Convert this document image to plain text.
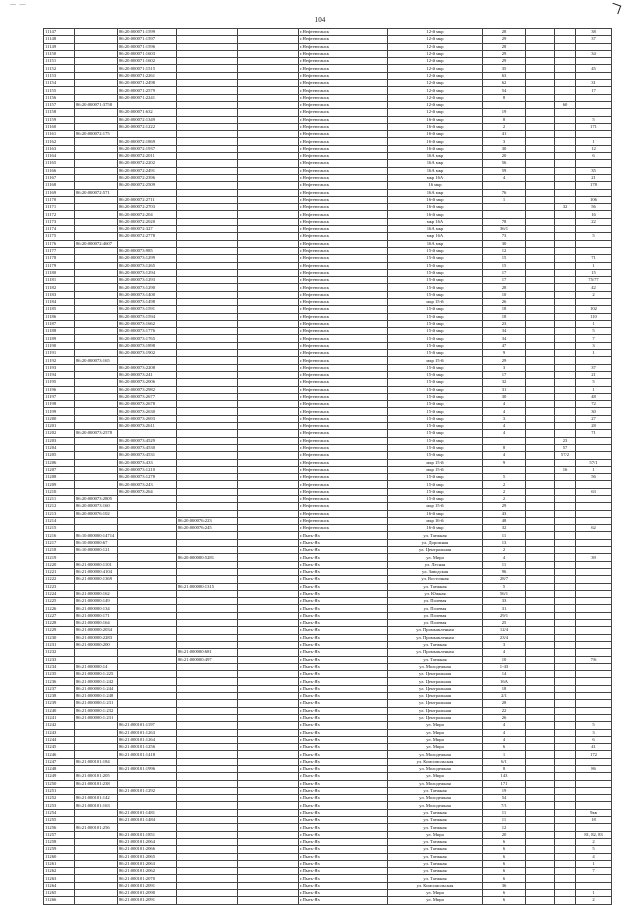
— —
104
11147		86:20:000071:1599			г.Нефтеюганск	12-й мкр	28			38
11148		86:20:000071:1597			г.Нефтеюганск	12-й мкр	29			37
11149		86:20:000071:1596			г.Нефтеюганск	12-й мкр	28			
11150		86:20:000071:1603			г.Нефтеюганск	12-й мкр	29			34
11151		86:20:000071:1602			г.Нефтеюганск	12-й мкр	29			
11152		86:20:000071:1515			г.Нефтеюганск	12-й мкр	35			45
11153		86:20:000071:2261			г.Нефтеюганск	12-й мкр	63			
11154		86:20:000071:2498			г.Нефтеюганск	12-й мкр	62			31
11155		86:20:000071:2579			г.Нефтеюганск	12-й мкр	54			17
11156		86:20:000071:2241			г.Нефтеюганск	12-й мкр	8			
11157	86:20:000071:3758				г.Нефтеюганск	12-й мкр			60	
11158		86:20:000071:632			г.Нефтеюганск	12-й мкр	19			
11159		86:20:000072:1349			г.Нефтеюганск	16-й мкр	8			5
11160		86:20:000072:1222			г.Нефтеюганск	16-й мкр	2			171
11161	86:20:000072:175				г.Нефтеюганск	16-й мкр	41			
11162		86:20:000072:1869			г.Нефтеюганск	16-й мкр	3			1
11163		86:20:000072:1937			г.Нефтеюганск	16-й мкр	30			12
11164		86:20:000072:2011			г.Нефтеюганск	16А мкр	20			6
11165		86:20:000072:2202			г.Нефтеюганск	16А мкр	56			
11166		86:20:000072:2491			г.Нефтеюганск	16А мкр	59			35
11167		86:20:000072:2396			г.Нефтеюганск	мкр 16А	4			21
11168		86:20:000072:2509			г.Нефтеюганск	16 мкр				178
11169	86:20:000072:571				г.Нефтеюганск	16А мкр	76			
11170		86:20:000072:2711			г.Нефтеюганск	16-й мкр	1			106
11171		86:20:000072:2703			г.Нефтеюганск	16-й мкр			32	56
11172		86:20:000072:204			г.Нефтеюганск	16-й мкр				16
11173		86:20:000072:2020			г.Нефтеюганск	мкр 16А	78			22
11174		86:20:000072:327			г.Нефтеюганск	16А мкр	36/1			
11175		86:20:000072:2778			г.Нефтеюганск	мкр 16А	73			5
11176	86:20:000072:4607				г.Нефтеюганск	16А мкр	30			
11177		86:20:000073:985			г.Нефтеюганск	15-й мкр	12			
11178		86:20:000073:1299			г.Нефтеюганск	15-й мкр	15			71
11179		86:20:000073:1265			г.Нефтеюганск	15-й мкр	15			1
11180		86:20:000073:1294			г.Нефтеюганск	15-й мкр	17			15
11181		86:20:000073:1293			г.Нефтеюганск	15-й мкр	17			75/77
11182		86:20:000073:1290			г.Нефтеюганск	15-й мкр	28			42
11183		86:20:000073:1400			г.Нефтеюганск	15-й мкр	10			2
11184		86:20:000073:1498			г.Нефтеюганск	мкр 15-й	26			
11185		86:20:000073:1591			г.Нефтеюганск	15-й мкр	18			102
11186		86:20:000073:1594			г.Нефтеюганск	15-й мкр	18			110
11187		86:20:000073:1662			г.Нефтеюганск	15-й мкр	23			1
11188		86:20:000073:1776			г.Нефтеюганск	15-й мкр	34			5
11189		86:20:000073:1765			г.Нефтеюганск	15-й мкр	34			7
11190		86:20:000073:1898			г.Нефтеюганск	15-й мкр	47			3
11191		86:20:000073:1902			г.Нефтеюганск	15-й мкр	9			1
11192	86:20:000073:165				г.Нефтеюганск	мкр 15-й	29			
11193		86:20:000073:2208			г.Нефтеюганск	15-й мкр	3			37
11194		86:20:000073:241			г.Нефтеюганск	15-й мкр	17			21
11195		86:20:000073:2006			г.Нефтеюганск	15-й мкр	32			5
11196		86:20:000073:2982			г.Нефтеюганск	15-й мкр	31			1
11197		86:20:000073:2677			г.Нефтеюганск	15-й мкр	30			48
11198		86:20:000073:2678			г.Нефтеюганск	15-й мкр	4			72
11199		86:20:000073:2630			г.Нефтеюганск	15-й мкр	4			30
11200		86:20:000073:2693			г.Нефтеюганск	15-й мкр	3			27
11201		86:20:000073:2611			г.Нефтеюганск	15-й мкр	4			28
11202	86:20:000073:2578				г.Нефтеюганск	15-й мкр	4			71
11203		86:20:000073:4529			г.Нефтеюганск	15-й мкр			23	
11204		86:20:000073:4530			г.Нефтеюганск	15-й мкр	8		57	
11205		86:20:000073:4531			г.Нефтеюганск	15-й мкр	4		57/2	
11206		86:20:000073:433			г.Нефтеюганск	мкр 15-й	9			57/1
11207		86:20:000073:1210			г.Нефтеюганск	мкр 15-й			16	1
11208		86:20:000073:1278			г.Нефтеюганск	15-й мкр	5			56
11209		86:20:000073:243			г.Нефтеюганск	15-й мкр	2			
11210		86:20:000073:264			г.Нефтеюганск	15-й мкр	2			63
11211	86:20:000073:2805				г.Нефтеюганск	15-й мкр	2			
11212	86:20:000073:160				г.Нефтеюганск	мкр 15-й	29			
11213	86:20:000076:102				г.Нефтеюганск	16-й мкр	43			
11214			86:20:000076:223		г.Нефтеюганск	мкр 16-й	48			
11215			86:20:000076:245		г.Нефтеюганск	16-й мкр	32			62
11216	86:10:000000:14714				г.Пыть-Ях	ул. Таежная	11			
11217	86:10:000000:67				г.Пыть-Ях	ул. Дорожная	13			
11218	86:10:000000:121				г.Пыть-Ях	ул. Центральная	2			
11219			86:20:000000:5281		г.Пыть-Ях	ул. Мира	4			39
11220	86:21:000000:1101				г.Пыть-Ях	ул. Лесная	11			
11221	86:21:000000:4104				г.Пыть-Ях	ул. Заводская	96			
11222	86:21:000000:1369				г.Пыть-Ях	ул. Восточная	28/7			
11223			86:21:000000:1315		г.Пыть-Ях	ул. Таежная	5			
11224	86:21:000000:162				г.Пыть-Ях	ул. Южная	56/1			
11225	86:21:000000:149				г.Пыть-Ях	ул. Полевая	33			
11226	86:21:000000:134				г.Пыть-Ях	ул. Полевая	31			
11227	86:21:000000:171				г.Пыть-Ях	ул. Полевая	29/1			
11228	86:21:000000:164				г.Пыть-Ях	ул. Полевая	25			
11229	86:21:000000:2034				г.Пыть-Ях	ул. Промышленная	12/4			
11230	86:21:000000:2283				г.Пыть-Ях	ул. Промышленная	23/4			
11231	86:21:000000:200				г.Пыть-Ях	ул. Таежная	3			
11232			86:21:000000:681		г.Пыть-Ях	ул. Промышленная	4			
11233			86:21:000000:497		г.Пыть-Ях	ул. Таежная	10			7/6
11234	86:21:000000:14				г.Пыть-Ях	ул. Молодежная	1-43			
11235	86:21:000000:1:225				г.Пыть-Ях	ул. Центральная	14			
11236	86:21:000000:1:242				г.Пыть-Ях	ул. Центральная	16А			
11237	86:21:000000:1:244				г.Пыть-Ях	ул. Центральная	18			
11238	86:21:000000:1:248				г.Пыть-Ях	ул. Центральная	2/1			
11239	86:21:000000:1:231				г.Пыть-Ях	ул. Центральная	28			
11240	86:21:000000:1:232				г.Пыть-Ях	ул. Центральная	22			
11241	86:21:000000:1:231				г.Пыть-Ях	ул. Центральная	26			
11242		86:21:000101:1197			г.Пыть-Ях	ул. Мира	4			5
11243		86:21:000101:1263			г.Пыть-Ях	ул. Мира	4			3
11244		86:21:000101:1264			г.Пыть-Ях	ул. Мира	4			6
11245		86:21:000101:1256			г.Пыть-Ях	ул. Мира	6			41
11246		86:21:000101:1418			г.Пыть-Ях	ул. Молодежная	1			172
11247	86:21:000101:184				г.Пыть-Ях	ул. Комсомольская	6/1			
11248		86:21:000101:1996			г.Пыть-Ях	ул. Молодежная	8			86
11249	86:21:000101:205				г.Пыть-Ях	ул. Мира	143			
11250	86:21:000101:238				г.Пыть-Ях	ул. Молодежная	171			
11251		86:21:000101:1292			г.Пыть-Ях	ул. Таежная	19			
11252	86:21:000101:142				г.Пыть-Ях	ул. Молодежная	54			
11253	86:21:000101:163				г.Пыть-Ях	ул. Молодежная	7/1			
11254		86:21:000101:1481			г.Пыть-Ях	ул. Таежная	11			9кв
11255		86:21:000101:1484			г.Пыть-Ях	ул. Таежная	11			18
11256	86:21:000101:256				г.Пыть-Ях	ул. Таежная	12			
11257		86:21:000101:1851			г.Пыть-Ях	ул. Мира	20			81, 82, 83
11258		86:21:000101:2064			г.Пыть-Ях	ул. Таежная	6			2
11259		86:21:000101:2066			г.Пыть-Ях	ул. Таежная	6			5
11260		86:21:000101:2065			г.Пыть-Ях	ул. Таежная	6			4
11261		86:21:000101:2063			г.Пыть-Ях	ул. Таежная	6			1
11262		86:21:000101:2062			г.Пыть-Ях	ул. Таежная	6			7
11263		86:21:000101:2070			г.Пыть-Ях	ул. Таежная	6			
11264		86:21:000101:2091			г.Пыть-Ях	ул. Комсомольская	36			
11265		86:21:000101:2090			г.Пыть-Ях	ул. Мира	6			1
11266		86:21:000101:2091			г.Пыть-Ях	ул. Мира	6			2
